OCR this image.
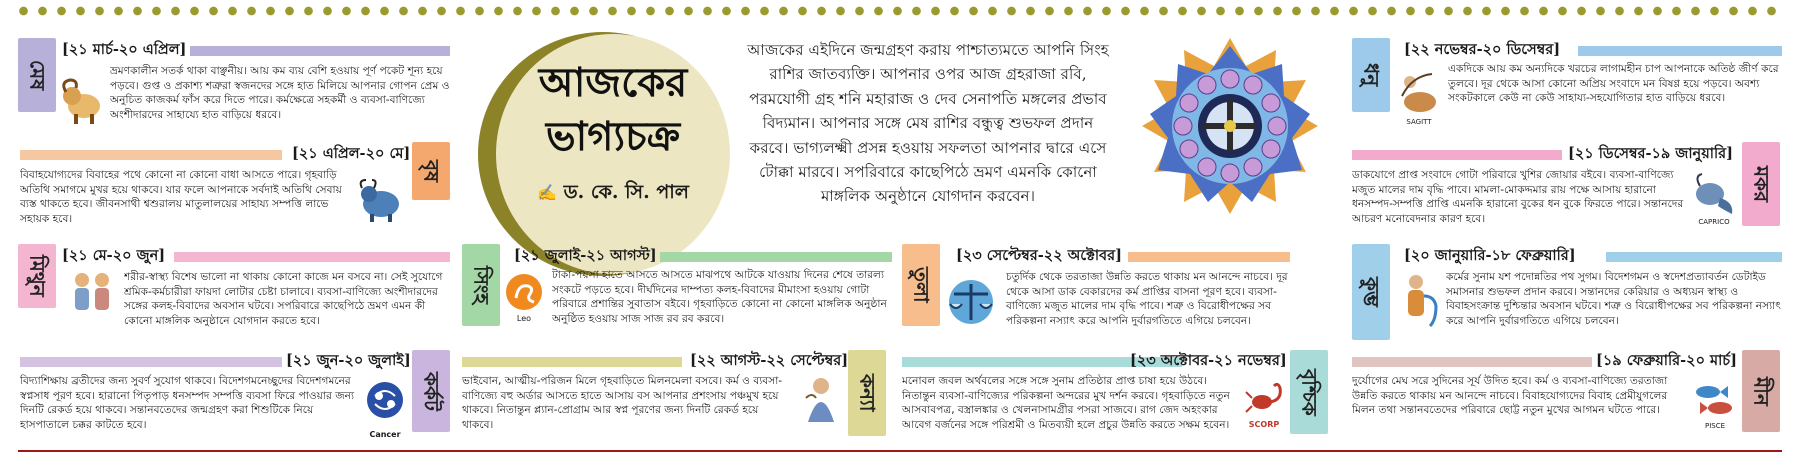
আজকের
ভাগ্যচক্র
✍ ড. কে. সি. পাল
আজকের এইদিনে জন্মগ্রহণ করায় পাশ্চাত্যমতে আপনি সিংহ রাশির জাতব্যক্তি। আপনার ওপর আজ গ্রহরাজা রবি, পরমযোগী গ্রহ শনি মহারাজ ও দেব সেনাপতি মঙ্গলের প্রভাব বিদ্যমান। আপনার সঙ্গে মেষ রাশির বন্ধুত্ব শুভফল প্রদান করবে। ভাগ্যলক্ষ্মী প্রসন্ন হওয়ায় সফলতা আপনার দ্বারে এসে টোক্কা মারবে। সপরিবারে কাছেপিঠে ভ্রমণ এমনকি কোনো মাঙ্গলিক অনুষ্ঠানে যোগদান করবেন।
মেষ
[২১ মার্চ-২০ এপ্রিল]
ভ্রমণকালীন সতর্ক থাকা বাঞ্ছনীয়। আয় কম ব্যয় বেশি হওয়ায় পূর্ণ পকেট শূন্য হয়ে পড়বে। গুপ্ত ও প্রকাশ্য শত্রুরা স্বজনদের সঙ্গে হাত মিলিয়ে আপনার গোপন প্রেম ও অনুচিত কাজকর্ম ফাঁস করে দিতে পারে। কর্মক্ষেত্রে সহকর্মী ও ব্যবসা-বাণিজ্যে অংশীদারদের সাহায্যে হাত বাড়িয়ে ধরবে।
বৃষ
[২১ এপ্রিল-২০ মে]
বিবাহযোগ্যদের বিবাহের পথে কোনো না কোনো বাধা আসতে পারে। গৃহবাড়ি অতিথি সমাগমে মুখর হয়ে থাকবে। যার ফলে আপনাকে সর্বদাই অতিথি সেবায় ব্যস্ত থাকতে হবে। জীবনসাথী শ্বশুরালয় মাতুলালয়ের সাহায্য সম্পত্তি লাভে সহায়ক হবে।
মিথুন [২১ মে-২০ জুন]
শরীর-স্বাস্থ্য বিশেষ ভালো না থাকায় কোনো কাজে মন বসবে না। সেই সুযোগে শ্রমিক-কর্মচারীরা ফায়দা লোটার চেষ্টা চালাবে। ব্যবসা-বাণিজ্যে অংশীদারদের সঙ্গের কলহ-বিবাদের অবসান ঘটবে। সপরিবারে কাছেপিঠে ভ্রমণ এমন কী কোনো মাঙ্গলিক অনুষ্ঠানে যোগদান করতে হবে।
কর্কট
[২১ জুন-২০ জুলাই]
বিদ্যাশিক্ষায় ব্রতীদের জন্য সুবর্ণ সুযোগ থাকবে। বিদেশগমনেচ্ছুদের বিদেশগমনের স্বপ্নসাধ পূরণ হবে। হারানো পিতৃপাড় ধনসম্পদ সম্পত্তি ব্যবসা ফিরে পাওয়ার জন্য দিনটি রেকর্ড হয়ে থাকবে। সন্তানবতেদের জন্মগ্রহণ করা শিশুটিকে নিয়ে হাসপাতালে চক্কর কাটতে হবে।
Cancer
সিংহ
[২১ জুলাই-২১ আগস্ট]
Leo
টাকা-পয়সা হাতে আসতে আসতে মাঝপথে আটকে যাওয়ায় দিনের শেষে তারল্য সংকটে পড়তে হবে। দীর্ঘদিনের দাম্পত্য কলহ-বিবাদের মীমাংসা হওয়ায় গোটা পরিবারে প্রশান্তির সুবাতাস বইবে। গৃহবাড়িতে কোনো না কোনো মাঙ্গলিক অনুষ্ঠান অনুষ্ঠিত হওয়ায় সাজ সাজ রব রব করবে।
[২২ আগস্ট-২২ সেপ্টেম্বর]
কন্যা
ভাইবোন, আত্মীয়-পরিজন মিলে গৃহবাড়িতে মিলনমেলা বসবে। কর্ম ও ব্যবসা-বাণিজ্যে বহু অর্ডার আসতে হাতে আসায় বস আপনার প্রশংসায় পঞ্চমুখ হয়ে থাকবে। নিতান্তুন প্ল্যান-প্রোগ্রাম আর স্বপ্ন পূরণের জন্য দিনটি রেকর্ড হয়ে থাকবে।
তুলা
[২৩ সেপ্টেম্বর-২২ অক্টোবর]
চতুর্দিক থেকে তরতাজা উন্নতি করতে থাকায় মন আনন্দে নাচবে। দূর থেকে আসা ডাক বেকারদের কর্ম প্রাপ্তির বাসনা পূরণ হবে। ব্যবসা-বাণিজ্যে মজুত মালের দাম বৃদ্ধি পাবে। শত্রু ও বিরোধীপক্ষের সব পরিকল্পনা নস্যাৎ করে আপনি দুর্বারগতিতে এগিয়ে চলবেন।
[২৩ অক্টোবর-২১ নভেম্বর]
বৃশ্চিক
মনোবল জবল অর্থবলের সঙ্গে সঙ্গে সুনাম প্রতিষ্ঠার প্রাপ্ত চাষা হয়ে উঠবে। নিতান্তুন ব্যবসা-বাণিজ্যের পরিকল্পনা অন্দরের মুখ দর্শন করবে। গৃহবাড়িতে নতুন আসবাবপত্র, বস্ত্রালঙ্কার ও খেলনাসামগ্রীর পসরা সাজবে। রাগ জেদ অহংকার আবেগ বর্জনের সঙ্গে পরিশ্রমী ও মিতব্যয়ী হলে প্রচুর উন্নতি করতে সক্ষম হবেন।	SCORP
ধনু
[২২ নভেম্বর-২০ ডিসেম্বর]
SAGITT
একদিকে আয় কম অন্যদিকে খরচের লাগামহীন চাপ আপনাকে অতিষ্ঠ জীর্ণ করে তুলবে। দূর থেকে আসা কোনো অপ্রিয় সংবাদে মন বিষণ্ণ হয়ে পড়বে। অবশ্য সংকটকালে কেউ না কেউ সাহায্য-সহযোগিতার হাত বাড়িয়ে ধরবে।
[২১ ডিসেম্বর-১৯ জানুয়ারি]
মকর
ডাকযোগে প্রাপ্ত সংবাদে গোটা পরিবারে খুশির জোয়ার বইবে। ব্যবসা-বাণিজ্যে মজুত মালের দাম বৃদ্ধি পাবে। মামলা-মোকদ্দমার রায় পক্ষে আসায় হারানো ধনসম্পদ-সম্পত্তি প্রাপ্তি এমনকি হারানো বুকের ধন বুকে ফিরতে পারে। সন্তানদের আচরণ মনোবেদনার কারণ হবে।	CAPRICO
কুম্ভ
[২০ জানুয়ারি-১৮ ফেব্রুয়ারি]
কর্মের সুনাম যশ পদোন্নতির পথ সুগম। বিদেশগমন ও স্বদেশপ্রত্যাবর্তন ডেটাইড সমাসনার শুভফল প্রদান করবে। সন্তানদের কেরিয়ার ও অধ্যয়ন স্বাস্থ্য ও বিবাহসংক্রান্ত দুশ্চিন্তার অবসান ঘটবে। শত্রু ও বিরোধীপক্ষের সব পরিকল্পনা নস্যাৎ করে আপনি দুর্বারগতিতে এগিয়ে চলবেন।
[১৯ ফেব্রুয়ারি-২০ মার্চ]
মীন
দুর্যোগের মেঘ সরে সুদিনের সূর্য উদিত হবে। কর্ম ও ব্যবসা-বাণিজ্যে তরতাজা উন্নতি করতে থাকায় মন আনন্দে নাচবে। বিবাহযোগ্যদের বিবাহ প্রেমীযুগলের মিলন তথা সন্তানবতেদের পরিবারে ছোট্ট নতুন মুখের আগমন ঘটতে পারে।
PISCE
